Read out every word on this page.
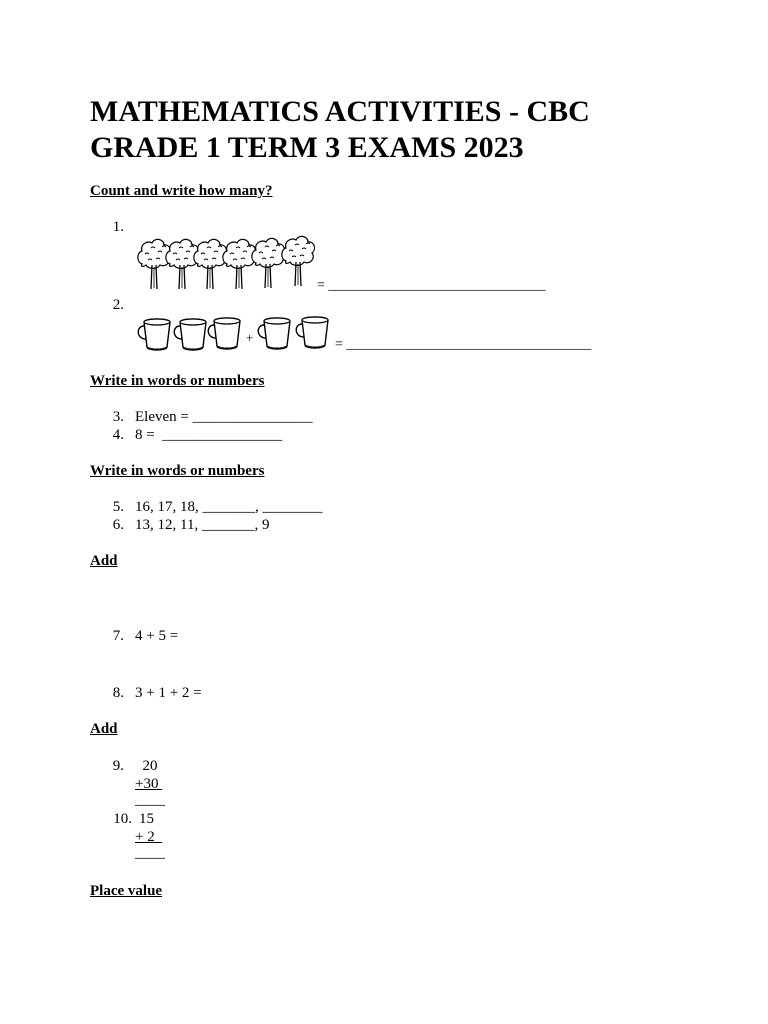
MATHEMATICS ACTIVITIES - CBC GRADE 1 TERM 3 EXAMS 2023
Count and write how many?
1.
= _______________________________
2.
+	= ___________________________________
Write in words or numbers
3. Eleven = ________________
4. 8 =  ________________
Write in words or numbers
5. 16, 17, 18, _______, ________
6. 13, 12, 11, _______, 9
Add
7. 4 + 5 =
8. 3 + 1 + 2 =
Add
9. 20
+30
____
10. 15
+ 2
____
Place value
